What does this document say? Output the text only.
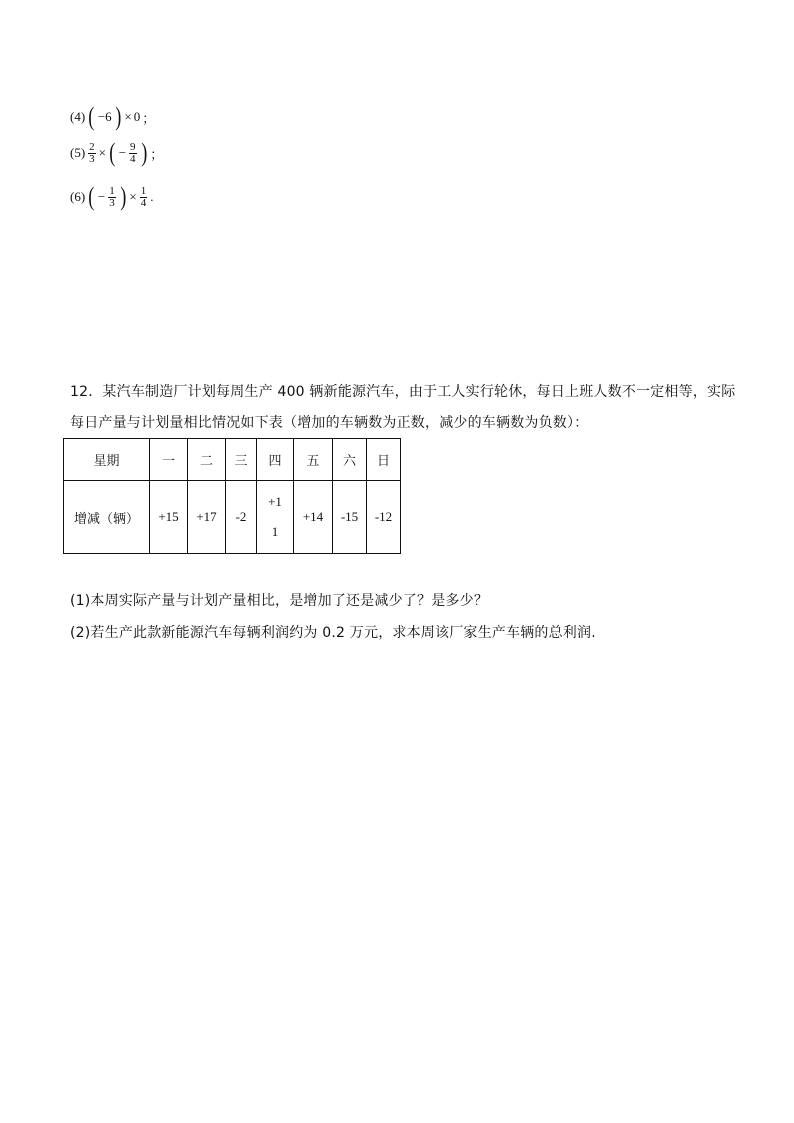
(4) ( −6 ) × 0 ；
$(5) \frac{2}{3}$ × ( − $\frac{9}{4}$ ) ；
(6) ( − $\frac{1}{3}$ ) × $\frac{1}{4}$ .
12．某汽车制造厂计划每周生产 400 辆新能源汽车，由于工人实行轮休，每日上班人数不一定相等，实际
每日产量与计划量相比情况如下表（增加的车辆数为正数，减少的车辆数为负数）：
星期	一	二	三	四	五	六	日
增减（辆）	+15	+17	-2	+1
1	+14	-15	-12
(1)本周实际产量与计划产量相比，是增加了还是减少了？是多少？
(2)若生产此款新能源汽车每辆利润约为 0.2 万元，求本周该厂家生产车辆的总利润.
